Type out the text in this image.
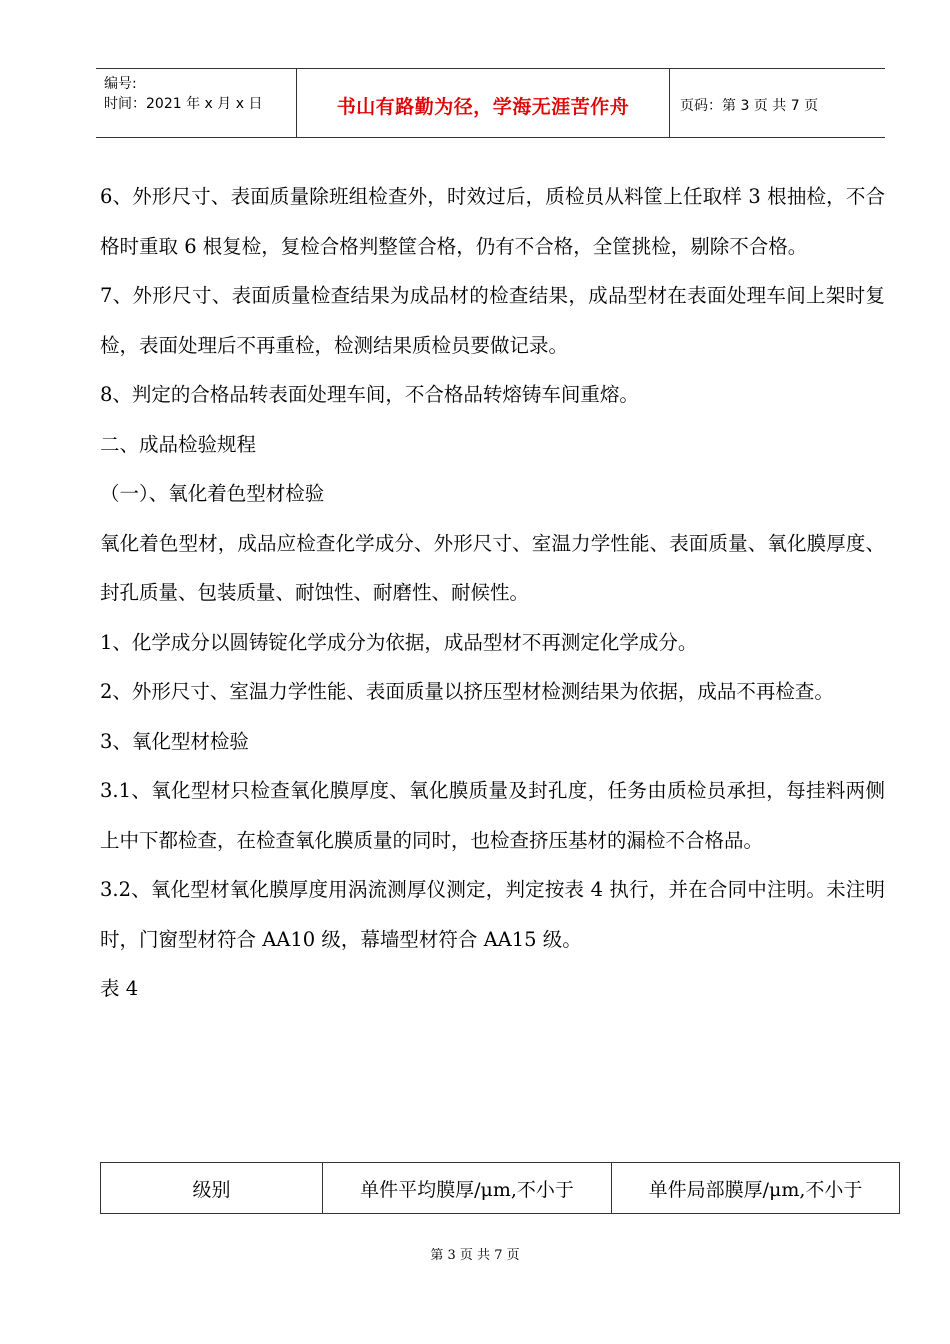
编号:
时间：2021 年 x 月 x 日	书山有路勤为径，学海无涯苦作舟	页码：第 3 页 共 7 页

6、外形尺寸、表面质量除班组检查外，时效过后，质检员从料筐上任取样 3 根抽检，不合格时重取 6 根复检，复检合格判整筐合格，仍有不合格，全筐挑检，剔除不合格。

7、外形尺寸、表面质量检查结果为成品材的检查结果，成品型材在表面处理车间上架时复检，表面处理后不再重检，检测结果质检员要做记录。

8、判定的合格品转表面处理车间，不合格品转熔铸车间重熔。

二、成品检验规程

（一）、氧化着色型材检验

氧化着色型材，成品应检查化学成分、外形尺寸、室温力学性能、表面质量、氧化膜厚度、封孔质量、包装质量、耐蚀性、耐磨性、耐候性。

1、化学成分以圆铸锭化学成分为依据，成品型材不再测定化学成分。

2、外形尺寸、室温力学性能、表面质量以挤压型材检测结果为依据，成品不再检查。

3、氧化型材检验

3.1、氧化型材只检查氧化膜厚度、氧化膜质量及封孔度，任务由质检员承担，每挂料两侧上中下都检查，在检查氧化膜质量的同时，也检查挤压基材的漏检不合格品。

3.2、氧化型材氧化膜厚度用涡流测厚仪测定，判定按表 4 执行，并在合同中注明。未注明时，门窗型材符合 AA10 级，幕墙型材符合 AA15 级。

表 4

级别	单件平均膜厚/μm,不小于	单件局部膜厚/μm,不小于
第 3 页 共 7 页
